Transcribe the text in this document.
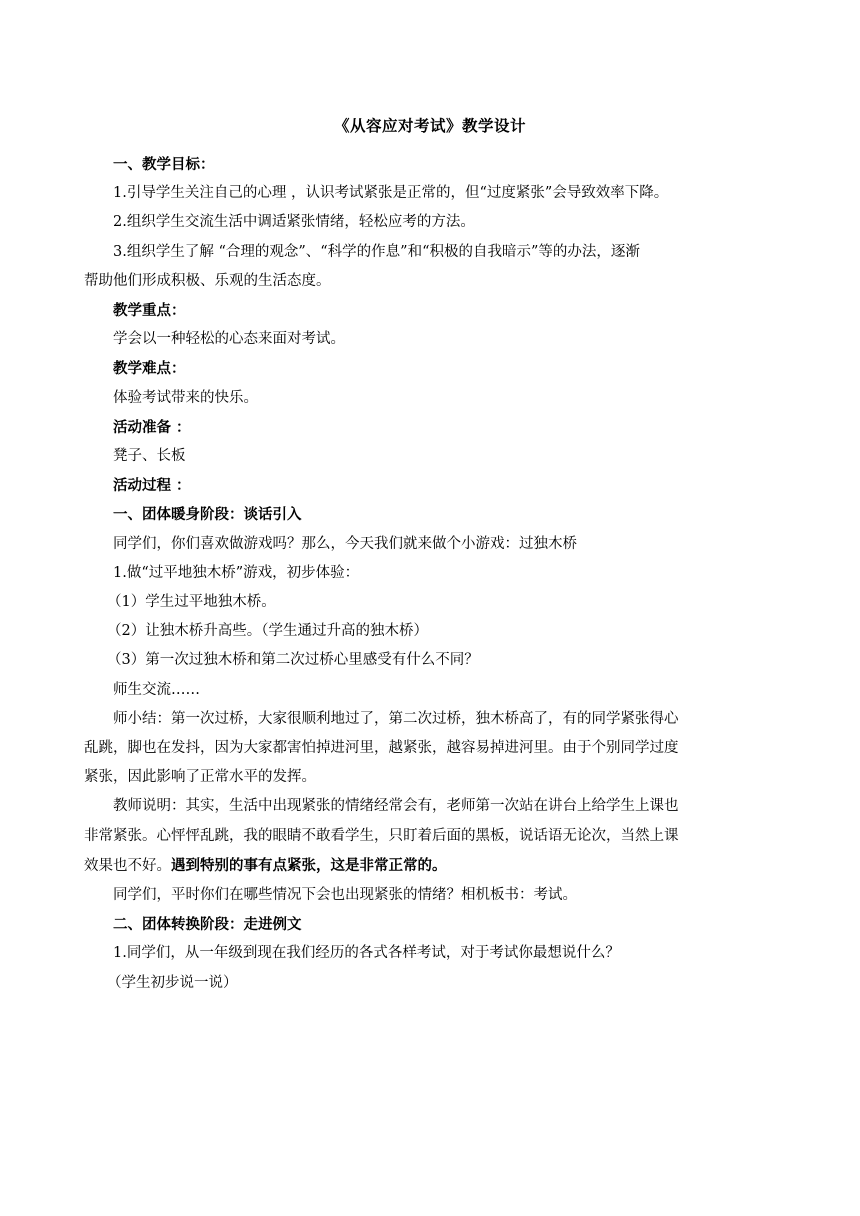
《从容应对考试》教学设计
一、教学目标：
1.引导学生关注自己的心理 ，认识考试紧张是正常的，但“过度紧张”会导致效率下降。
2.组织学生交流生活中调适紧张情绪，轻松应考的方法。
3.组织学生了解 “合理的观念”、“科学的作息”和“积极的自我暗示”等的办法，逐渐
帮助他们形成积极、乐观的生活态度。
教学重点：
学会以一种轻松的心态来面对考试。
教学难点：
体验考试带来的快乐。
活动准备 ：
凳子、长板
活动过程 ：
一、团体暖身阶段：谈话引入
同学们，你们喜欢做游戏吗？那么，今天我们就来做个小游戏：过独木桥
1.做“过平地独木桥”游戏，初步体验：
（1）学生过平地独木桥。
（2）让独木桥升高些。（学生通过升高的独木桥）
（3）第一次过独木桥和第二次过桥心里感受有什么不同？
师生交流……
师小结：第一次过桥，大家很顺利地过了，第二次过桥，独木桥高了，有的同学紧张得心
乱跳，脚也在发抖，因为大家都害怕掉进河里，越紧张，越容易掉进河里。由于个别同学过度
紧张，因此影响了正常水平的发挥。
教师说明：其实，生活中出现紧张的情绪经常会有，老师第一次站在讲台上给学生上课也
非常紧张。心怦怦乱跳，我的眼睛不敢看学生，只盯着后面的黑板，说话语无论次，当然上课
效果也不好。遇到特别的事有点紧张，这是非常正常的。
同学们，平时你们在哪些情况下会也出现紧张的情绪？相机板书：考试。
二、团体转换阶段：走进例文
1.同学们，从一年级到现在我们经历的各式各样考试，对于考试你最想说什么？
（学生初步说一说）
